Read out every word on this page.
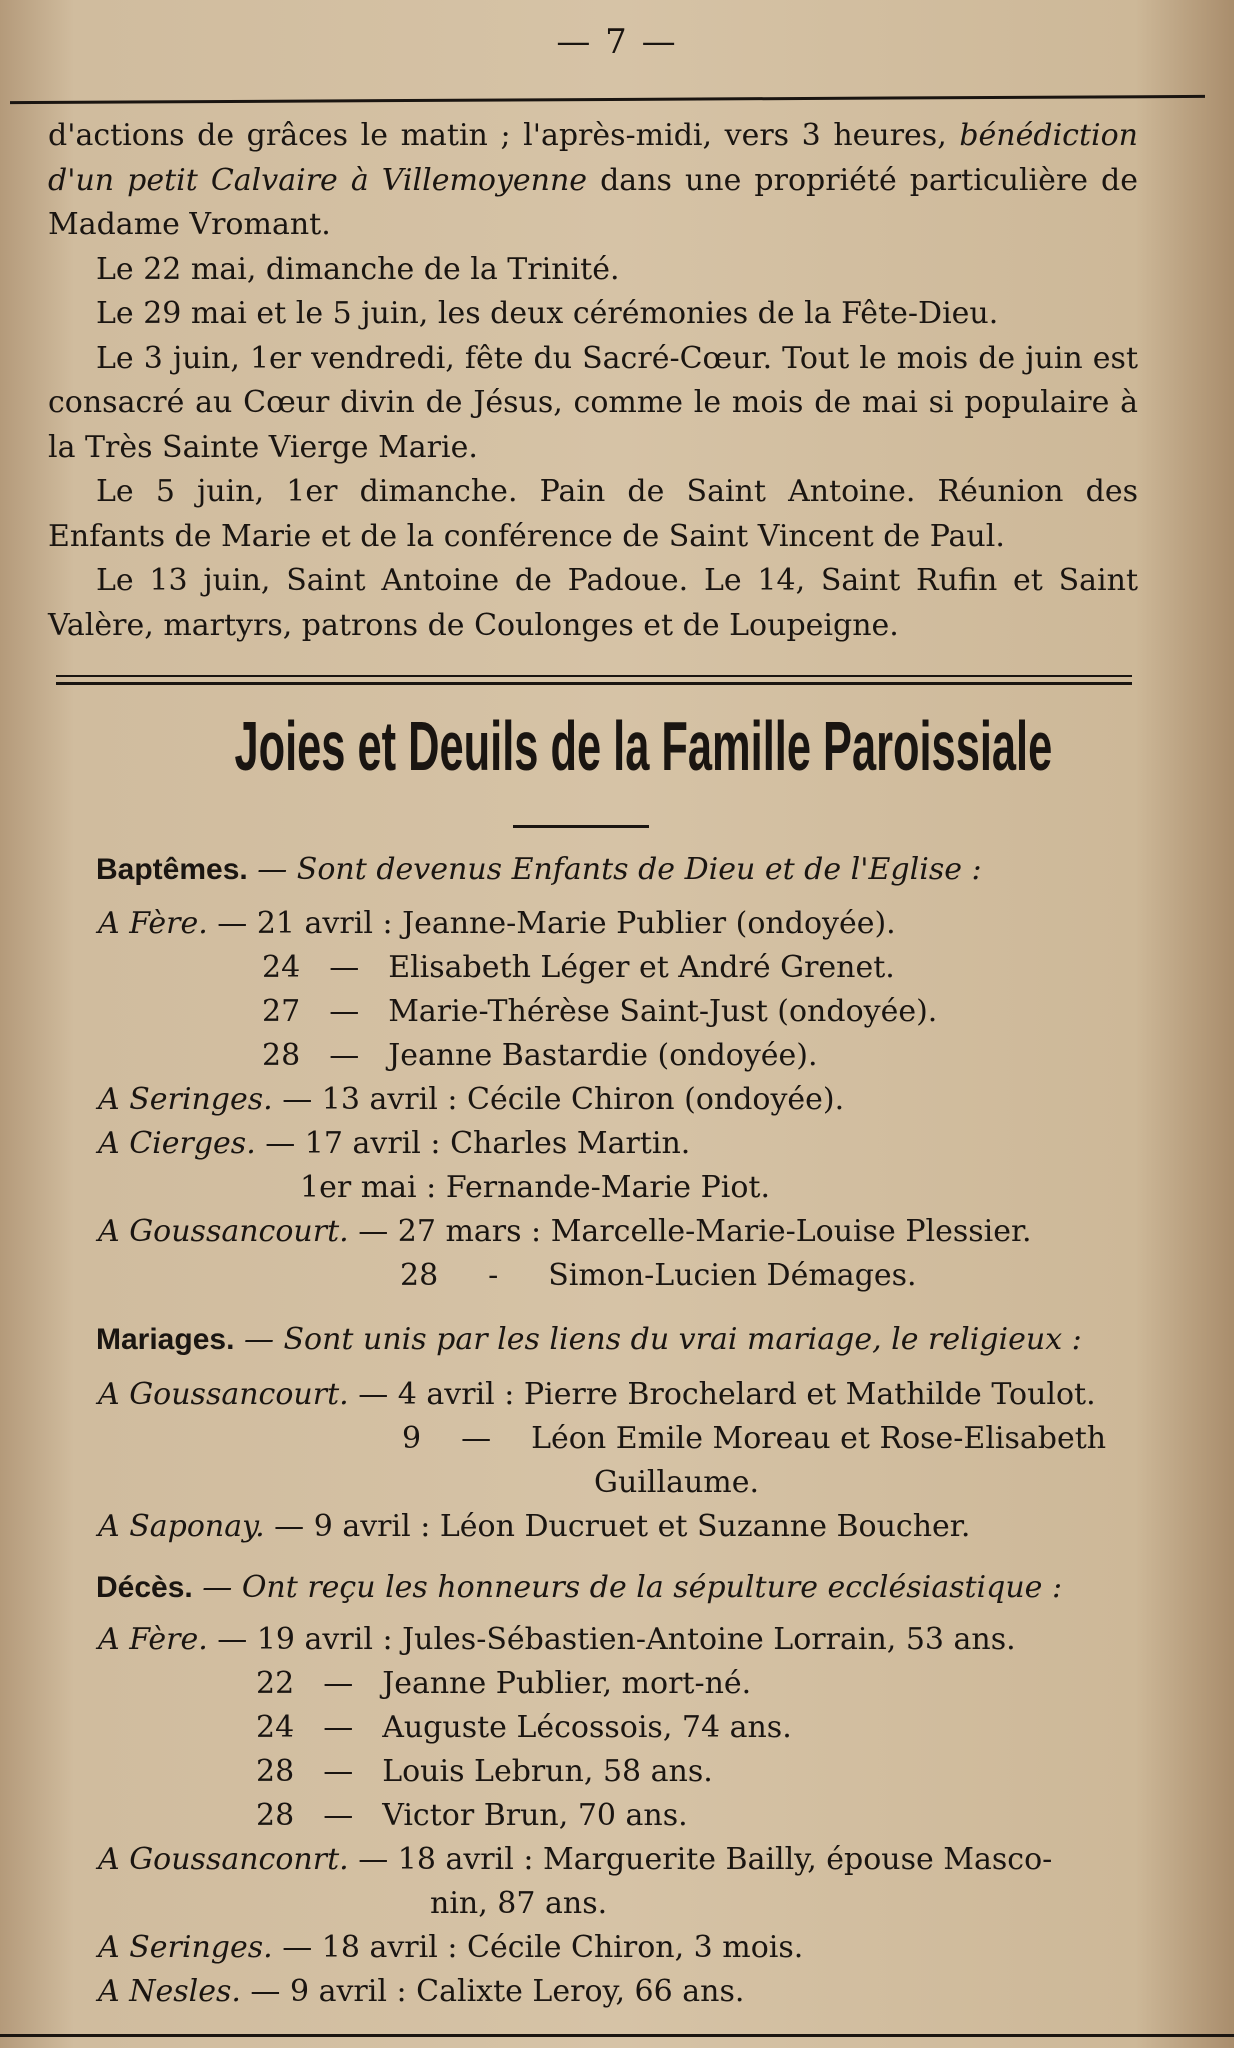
— 7 —

d'actions de grâces le matin ; l'après-midi, vers 3 heures, bénédiction d'un petit Calvaire à Villemoyenne dans une propriété particulière de Madame Vromant.

Le 22 mai, dimanche de la Trinité.

Le 29 mai et le 5 juin, les deux cérémonies de la Fête-Dieu.

Le 3 juin, 1er vendredi, fête du Sacré-Cœur. Tout le mois de juin est consacré au Cœur divin de Jésus, comme le mois de mai si populaire à la Très Sainte Vierge Marie.

Le 5 juin, 1er dimanche. Pain de Saint Antoine. Réunion des Enfants de Marie et de la conférence de Saint Vincent de Paul.

Le 13 juin, Saint Antoine de Padoue. Le 14, Saint Rufin et Saint Valère, martyrs, patrons de Coulonges et de Loupeigne.

Joies et Deuils de la Famille Paroissiale
Baptêmes. — Sont devenus Enfants de Dieu et de l'Eglise :
A Fère. — 21 avril : Jeanne-Marie Publier (ondoyée).
24 — Elisabeth Léger et André Grenet.
27 — Marie-Thérèse Saint-Just (ondoyée).
28 — Jeanne Bastardie (ondoyée).
A Seringes. — 13 avril : Cécile Chiron (ondoyée).
A Cierges. — 17 avril : Charles Martin.
1er mai : Fernande-Marie Piot.
A Goussancourt. — 27 mars : Marcelle-Marie-Louise Plessier.
28 - Simon-Lucien Démages.
Mariages. — Sont unis par les liens du vrai mariage, le religieux :
A Goussancourt. — 4 avril : Pierre Brochelard et Mathilde Toulot.
9 — Léon Emile Moreau et Rose-Elisabeth
Guillaume.
A Saponay. — 9 avril : Léon Ducruet et Suzanne Boucher.
Décès. — Ont reçu les honneurs de la sépulture ecclésiastique :
A Fère. — 19 avril : Jules-Sébastien-Antoine Lorrain, 53 ans.
22 — Jeanne Publier, mort-né.
24 — Auguste Lécossois, 74 ans.
28 — Louis Lebrun, 58 ans.
28 — Victor Brun, 70 ans.
A Goussanconrt. — 18 avril : Marguerite Bailly, épouse Masco-
nin, 87 ans.
A Seringes. — 18 avril : Cécile Chiron, 3 mois.
A Nesles. — 9 avril : Calixte Leroy, 66 ans.
